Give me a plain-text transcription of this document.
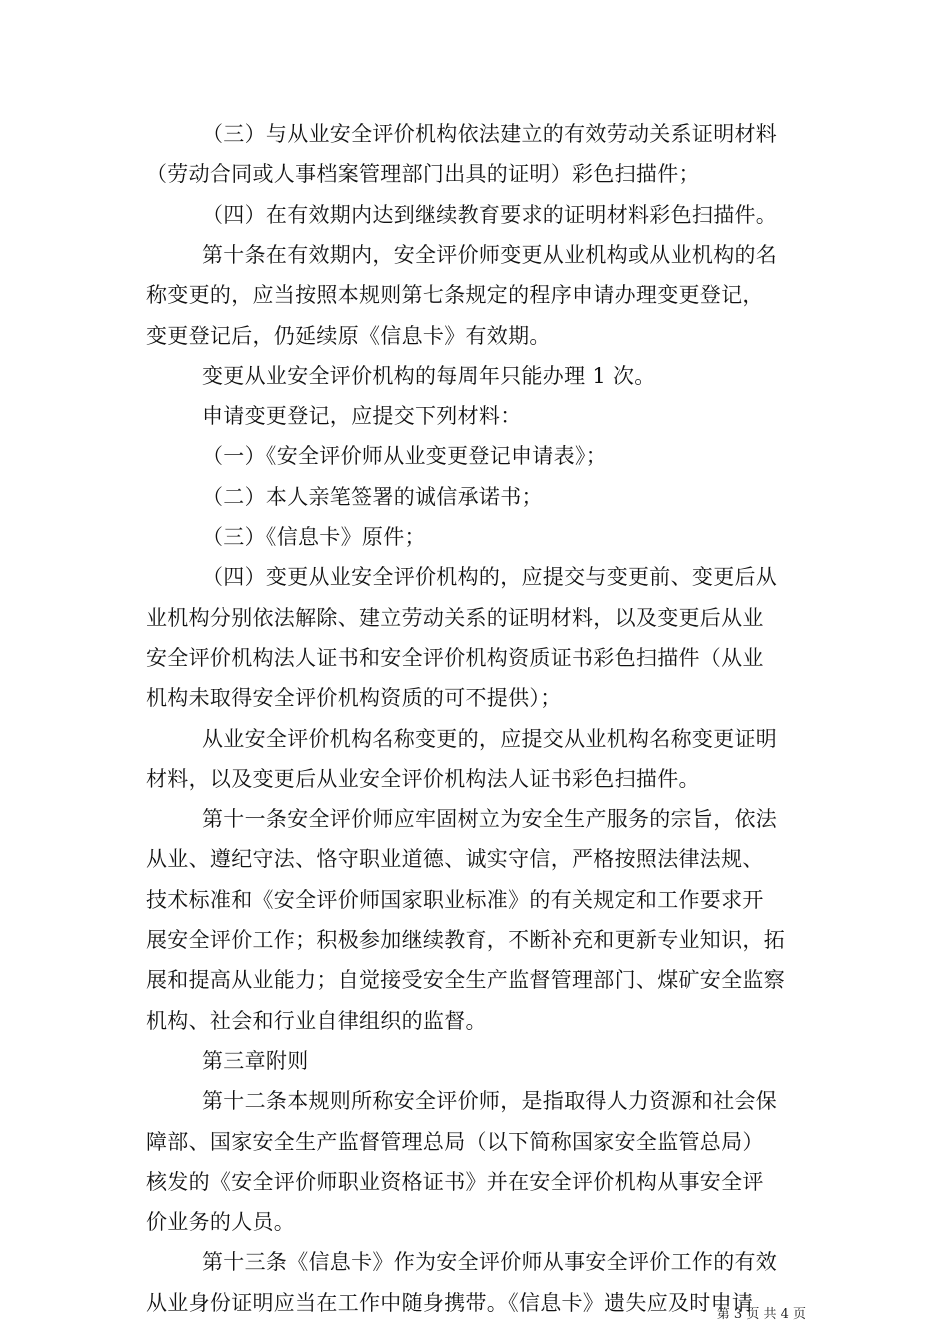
（三）与从业安全评价机构依法建立的有效劳动关系证明材料
（劳动合同或人事档案管理部门出具的证明）彩色扫描件；
（四）在有效期内达到继续教育要求的证明材料彩色扫描件。
第十条在有效期内，安全评价师变更从业机构或从业机构的名
称变更的，应当按照本规则第七条规定的程序申请办理变更登记，
变更登记后，仍延续原《信息卡》有效期。
变更从业安全评价机构的每周年只能办理 1 次。
申请变更登记，应提交下列材料：
（一）《安全评价师从业变更登记申请表》；
（二）本人亲笔签署的诚信承诺书；
（三）《信息卡》原件；
（四）变更从业安全评价机构的，应提交与变更前、变更后从
业机构分别依法解除、建立劳动关系的证明材料，以及变更后从业
安全评价机构法人证书和安全评价机构资质证书彩色扫描件（从业
机构未取得安全评价机构资质的可不提供）；
从业安全评价机构名称变更的，应提交从业机构名称变更证明
材料，以及变更后从业安全评价机构法人证书彩色扫描件。
第十一条安全评价师应牢固树立为安全生产服务的宗旨，依法
从业、遵纪守法、恪守职业道德、诚实守信，严格按照法律法规、
技术标准和《安全评价师国家职业标准》的有关规定和工作要求开
展安全评价工作；积极参加继续教育，不断补充和更新专业知识，拓
展和提高从业能力；自觉接受安全生产监督管理部门、煤矿安全监察
机构、社会和行业自律组织的监督。
第三章附则
第十二条本规则所称安全评价师，是指取得人力资源和社会保
障部、国家安全生产监督管理总局（以下简称国家安全监管总局）
核发的《安全评价师职业资格证书》并在安全评价机构从事安全评
价业务的人员。
第十三条《信息卡》作为安全评价师从事安全评价工作的有效
从业身份证明应当在工作中随身携带。《信息卡》遗失应及时申请
第 3 页 共 4 页
